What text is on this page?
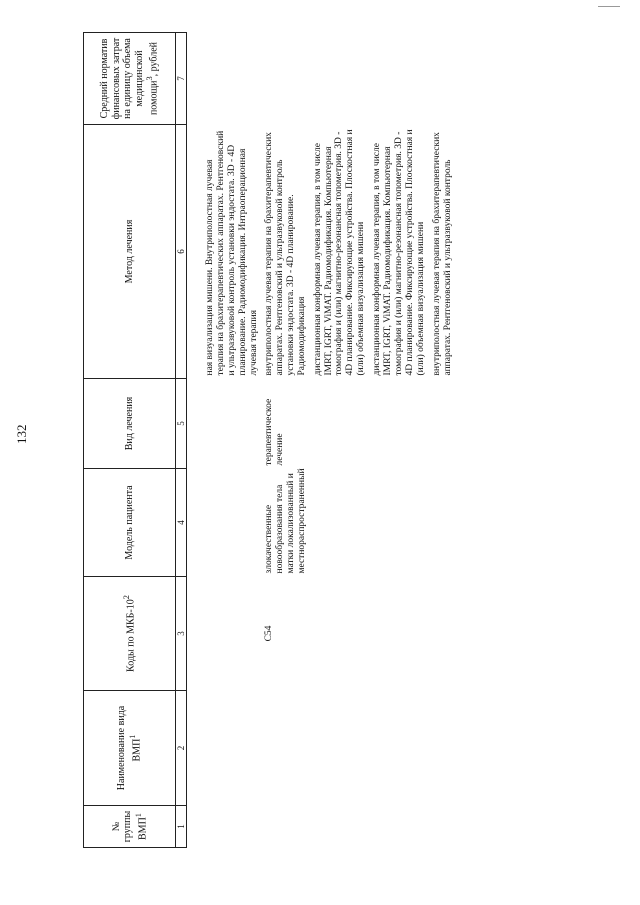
132
№ группы ВМП$^1$	Наименование вида ВМП$^1$	Коды по МКБ-$10^2$	Модель пациента	Вид лечения	Метод лечения	Средний норматив финансовых затрат на единицу объема медицинской помощи$^3$, рублей
1	2	3	4	5	6	7

					ная визуализация мишени. Внутриполостная лучевая терапия на брахитерапевтических аппаратах. Рентгеновский и ультразвуковой контроль установки эндостата. 3D - 4D планирование. Радиомодификация. Интраоперационная лучевая терапия	
		C54	злокачественные новообразования тела матки локализованный и местнораспространенный	терапевтическое лечение	внутриполостная лучевая терапия на брахитерапевтических аппаратах. Рентгеновский и ультразвуковой контроль установки эндостата. 3D - 4D планирование. Радиомодификация дистанционная конформная лучевая терапия, в том числе IMRT, IGRT, ViMAT. Радиомодификация. Компьютерная томография и (или) магнитно-резонансная топометрия. 3D - 4D планирование. Фиксирующие устройства. Плоскостная и (или) объемная визуализация мишени дистанционная конформная лучевая терапия, в том числе IMRT, IGRT, ViMAT. Радиомодификация. Компьютерная томография и (или) магнитно-резонансная топометрия. 3D - 4D планирование. Фиксирующие устройства. Плоскостная и (или) объемная визуализация мишени внутриполостная лучевая терапия на брахитерапевтических аппаратах. Рентгеновский и ультразвуковой контроль	
